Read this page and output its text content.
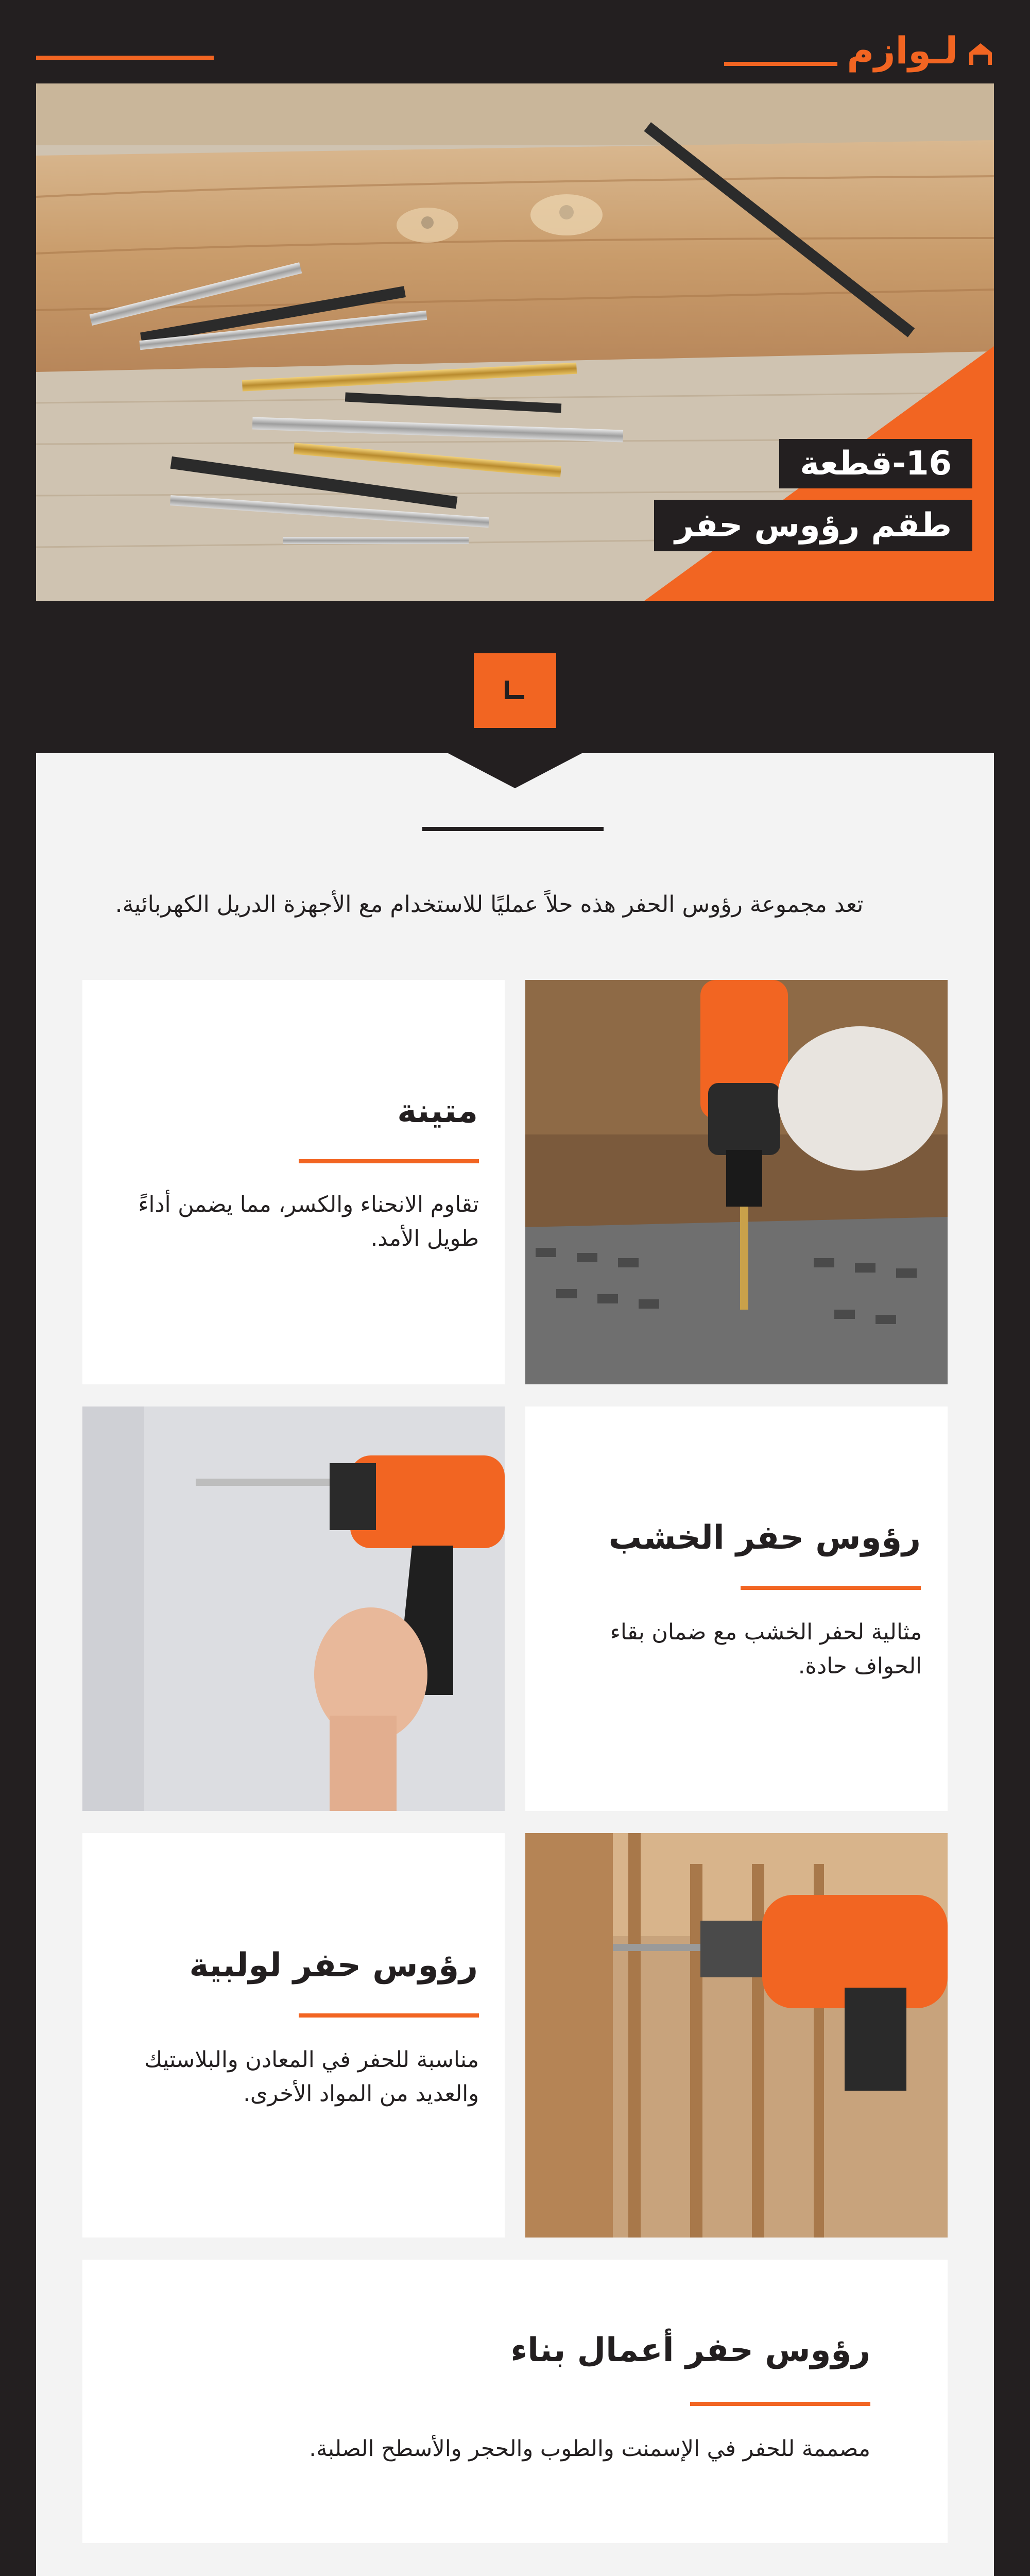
لـوازم
16-قطعة
طقم رؤوس حفر
تعد مجموعة رؤوس الحفر هذه حلاً عمليًا للاستخدام مع الأجهزة الدريل الكهربائية.
متينة
تقاوم الانحناء والكسر، مما يضمن أداءً طويل الأمد.
رؤوس حفر الخشب
مثالية لحفر الخشب مع ضمان بقاء الحواف حادة.
رؤوس حفر لولبية
مناسبة للحفر في المعادن والبلاستيك والعديد من المواد الأخرى.
رؤوس حفر أعمال بناء
مصممة للحفر في الإسمنت والطوب والحجر والأسطح الصلبة.
